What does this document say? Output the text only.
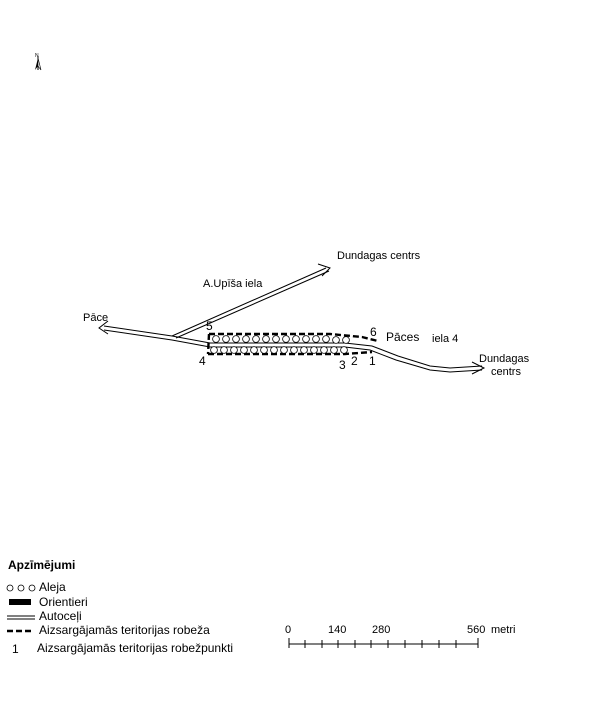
N
Dundagas centrs
A.Upīša iela
Pāce
Pāces iela 4
Dundagas
centrs
1
2
3
4
5	6
Apzīmējumi
Aleja
Orientieri
Autoceļi
Aizsargājamās teritorijas robeža
1 Aizsargājamās teritorijas robežpunkti
0	140 280	560 metri
